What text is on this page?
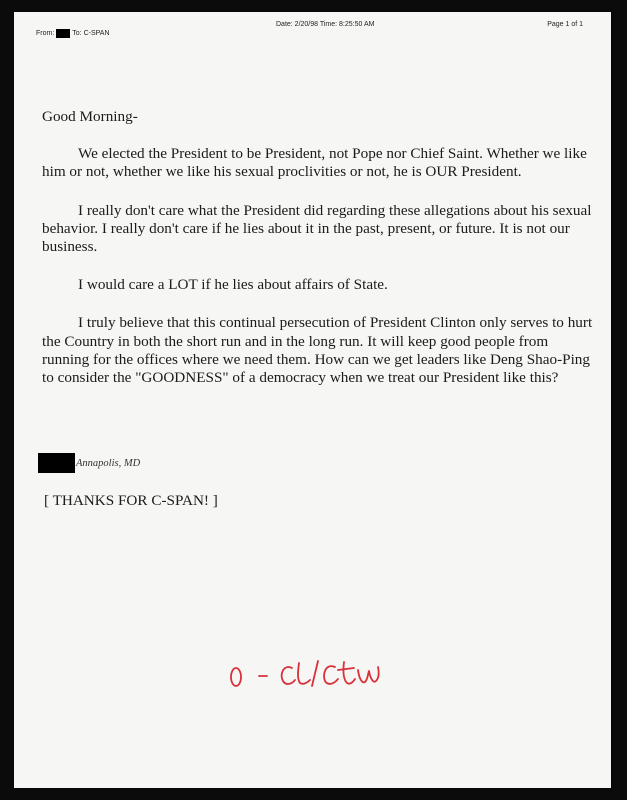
From:	To: C-SPAN
Date: 2/20/98 Time: 8:25:50 AM	Page 1 of 1

Good Morning-

We elected the President to be President, not Pope nor Chief Saint. Whether we like him or not, whether we like his sexual proclivities or not, he is OUR President.

I really don't care what the President did regarding these allegations about his sexual behavior. I really don't care if he lies about it in the past, present, or future. It is not our business.

I would care a LOT if he lies about affairs of State.

I truly believe that this continual persecution of President Clinton only serves to hurt the Country in both the short run and in the long run. It will keep good people from running for the offices where we need them. How can we get leaders like Deng Shao-Ping to consider the "GOODNESS" of a democracy when we treat our President like this?

Annapolis, MD
[ THANKS FOR C-SPAN! ]
0 - CL/CEW
